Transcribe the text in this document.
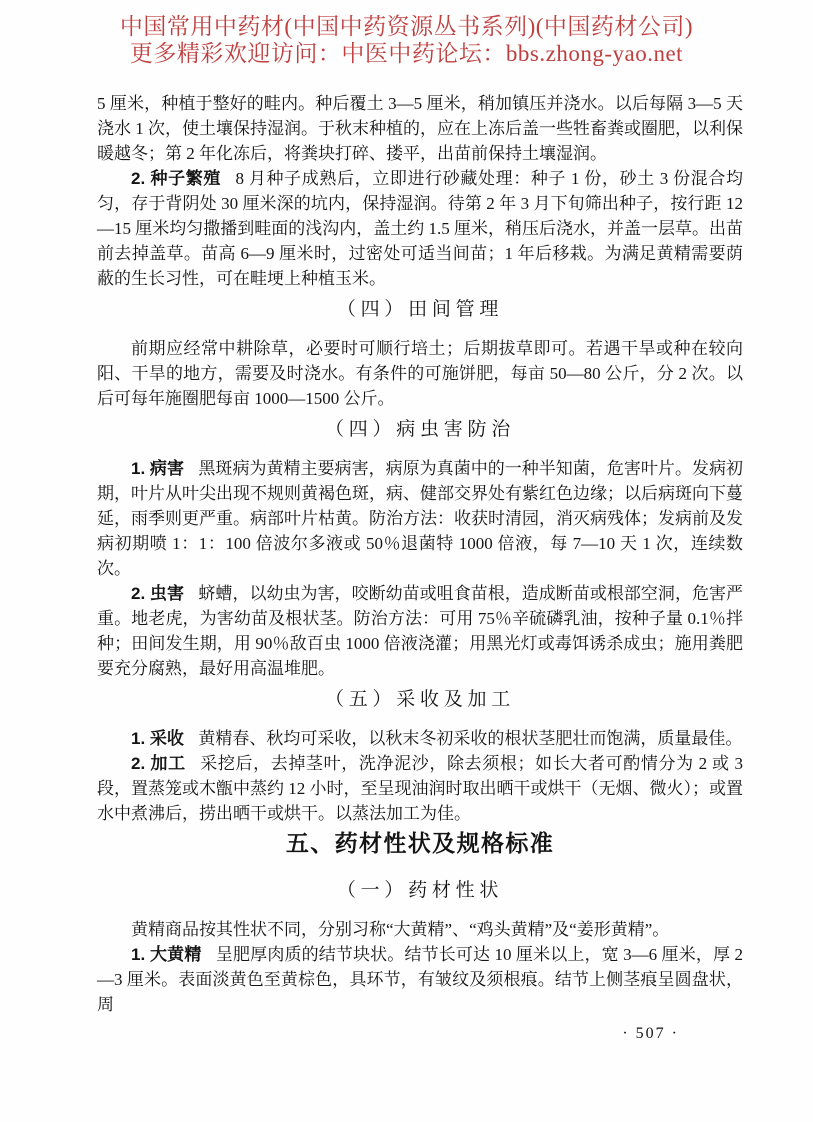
中国常用中药材(中国中药资源丛书系列)(中国药材公司)
更多精彩欢迎访问：中医中药论坛：bbs.zhong-yao.net

5 厘米，种植于整好的畦内。种后覆土 3—5 厘米，稍加镇压并浇水。以后每隔 3—5 天浇水 1 次，使土壤保持湿润。于秋末种植的，应在上冻后盖一些牲畜粪或圈肥，以利保暖越冬；第 2 年化冻后，将粪块打碎、搂平，出苗前保持土壤湿润。

2. 种子繁殖 8 月种子成熟后，立即进行砂藏处理：种子 1 份，砂土 3 份混合均匀，存于背阴处 30 厘米深的坑内，保持湿润。待第 2 年 3 月下旬筛出种子，按行距 12—15 厘米均匀撒播到畦面的浅沟内，盖土约 1.5 厘米，稍压后浇水，并盖一层草。出苗前去掉盖草。苗高 6—9 厘米时，过密处可适当间苗；1 年后移栽。为满足黄精需要荫蔽的生长习性，可在畦埂上种植玉米。

（四）田间管理

前期应经常中耕除草，必要时可顺行培土；后期拔草即可。若遇干旱或种在较向阳、干旱的地方，需要及时浇水。有条件的可施饼肥，每亩 50—80 公斤，分 2 次。以后可每年施圈肥每亩 1000—1500 公斤。

（四）病虫害防治

1. 病害 黑斑病为黄精主要病害，病原为真菌中的一种半知菌，危害叶片。发病初期，叶片从叶尖出现不规则黄褐色斑，病、健部交界处有紫红色边缘；以后病斑向下蔓延，雨季则更严重。病部叶片枯黄。防治方法：收获时清园，消灭病残体；发病前及发病初期喷 1：1：100 倍波尔多液或 50％退菌特 1000 倍液，每 7—10 天 1 次，连续数次。

2. 虫害 蛴螬，以幼虫为害，咬断幼苗或咀食苗根，造成断苗或根部空洞，危害严重。地老虎，为害幼苗及根状茎。防治方法：可用 75％辛硫磷乳油，按种子量 0.1％拌种；田间发生期，用 90％敌百虫 1000 倍液浇灌；用黑光灯或毒饵诱杀成虫；施用粪肥要充分腐熟，最好用高温堆肥。

（五）采收及加工

1. 采收 黄精春、秋均可采收，以秋末冬初采收的根状茎肥壮而饱满，质量最佳。

2. 加工 采挖后，去掉茎叶，洗净泥沙，除去须根；如长大者可酌情分为 2 或 3 段，置蒸笼或木甑中蒸约 12 小时，至呈现油润时取出晒干或烘干（无烟、微火）；或置水中煮沸后，捞出晒干或烘干。以蒸法加工为佳。

五、药材性状及规格标准
（一）药材性状

黄精商品按其性状不同，分别习称“大黄精”、“鸡头黄精”及“姜形黄精”。

1. 大黄精 呈肥厚肉质的结节块状。结节长可达 10 厘米以上，宽 3—6 厘米，厚 2—3 厘米。表面淡黄色至黄棕色，具环节，有皱纹及须根痕。结节上侧茎痕呈圆盘状，周

· 507 ·
